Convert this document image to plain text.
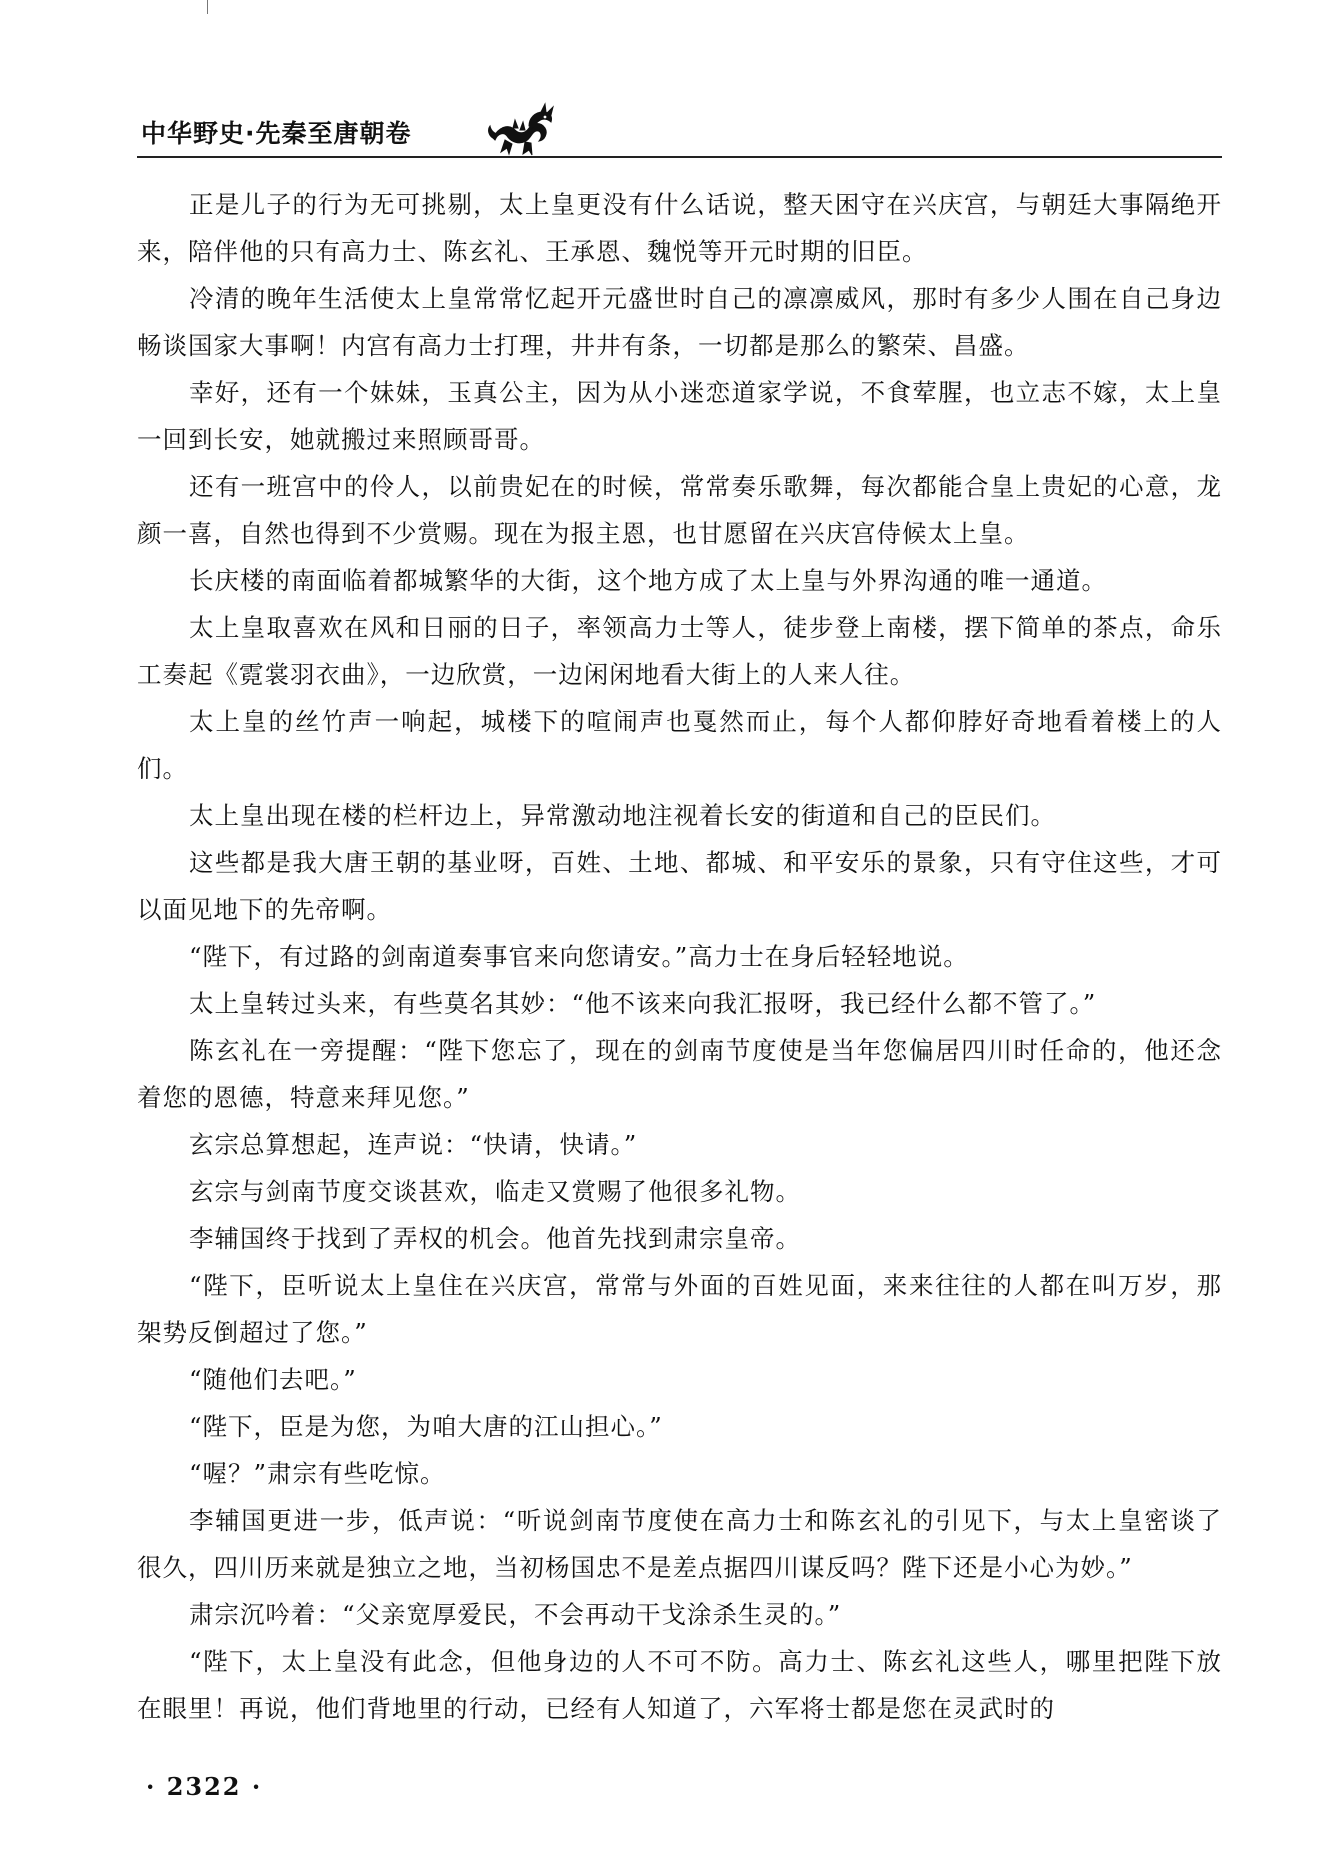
中华野史·先秦至唐朝卷

正是儿子的行为无可挑剔，太上皇更没有什么话说，整天困守在兴庆宫，与朝廷大事隔绝开来，陪伴他的只有高力士、陈玄礼、王承恩、魏悦等开元时期的旧臣。

冷清的晚年生活使太上皇常常忆起开元盛世时自己的凛凛威风，那时有多少人围在自己身边畅谈国家大事啊！内宫有高力士打理，井井有条，一切都是那么的繁荣、昌盛。

幸好，还有一个妹妹，玉真公主，因为从小迷恋道家学说，不食荤腥，也立志不嫁，太上皇一回到长安，她就搬过来照顾哥哥。

还有一班宫中的伶人，以前贵妃在的时候，常常奏乐歌舞，每次都能合皇上贵妃的心意，龙颜一喜，自然也得到不少赏赐。现在为报主恩，也甘愿留在兴庆宫侍候太上皇。

长庆楼的南面临着都城繁华的大街，这个地方成了太上皇与外界沟通的唯一通道。

太上皇取喜欢在风和日丽的日子，率领高力士等人，徒步登上南楼，摆下简单的茶点，命乐工奏起《霓裳羽衣曲》，一边欣赏，一边闲闲地看大街上的人来人往。

太上皇的丝竹声一响起，城楼下的喧闹声也戛然而止，每个人都仰脖好奇地看着楼上的人们。

太上皇出现在楼的栏杆边上，异常激动地注视着长安的街道和自己的臣民们。

这些都是我大唐王朝的基业呀，百姓、土地、都城、和平安乐的景象，只有守住这些，才可以面见地下的先帝啊。

“陛下，有过路的剑南道奏事官来向您请安。”高力士在身后轻轻地说。

太上皇转过头来，有些莫名其妙：“他不该来向我汇报呀，我已经什么都不管了。”

陈玄礼在一旁提醒：“陛下您忘了，现在的剑南节度使是当年您偏居四川时任命的，他还念着您的恩德，特意来拜见您。”

玄宗总算想起，连声说：“快请，快请。”

玄宗与剑南节度交谈甚欢，临走又赏赐了他很多礼物。

李辅国终于找到了弄权的机会。他首先找到肃宗皇帝。

“陛下，臣听说太上皇住在兴庆宫，常常与外面的百姓见面，来来往往的人都在叫万岁，那架势反倒超过了您。”

“随他们去吧。”

“陛下，臣是为您，为咱大唐的江山担心。”

“喔？”肃宗有些吃惊。

李辅国更进一步，低声说：“听说剑南节度使在高力士和陈玄礼的引见下，与太上皇密谈了很久，四川历来就是独立之地，当初杨国忠不是差点据四川谋反吗？陛下还是小心为妙。”

肃宗沉吟着：“父亲宽厚爱民，不会再动干戈涂杀生灵的。”

“陛下，太上皇没有此念，但他身边的人不可不防。高力士、陈玄礼这些人，哪里把陛下放在眼里！再说，他们背地里的行动，已经有人知道了，六军将士都是您在灵武时的

· 2322 ·
